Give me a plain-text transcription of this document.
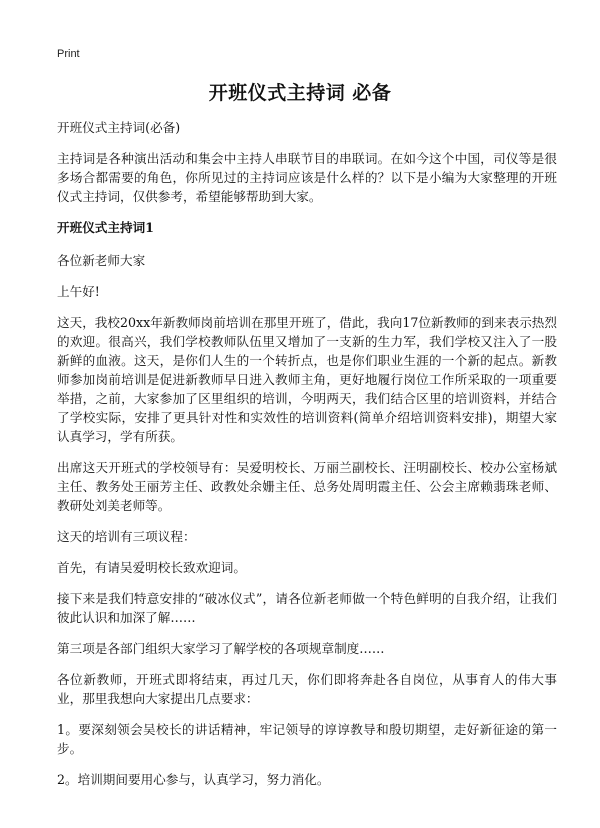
Print
开班仪式主持词 必备

开班仪式主持词(必备)

主持词是各种演出活动和集会中主持人串联节目的串联词。在如今这个中国，司仪等是很多场合都需要的角色，你所见过的主持词应该是什么样的？以下是小编为大家整理的开班仪式主持词，仅供参考，希望能够帮助到大家。

开班仪式主持词1

各位新老师大家

上午好!

这天，我校20xx年新教师岗前培训在那里开班了，借此，我向17位新教师的到来表示热烈的欢迎。很高兴，我们学校教师队伍里又增加了一支新的生力军，我们学校又注入了一股新鲜的血液。这天，是你们人生的一个转折点，也是你们职业生涯的一个新的起点。新教师参加岗前培训是促进新教师早日进入教师主角，更好地履行岗位工作所采取的一项重要举措，之前，大家参加了区里组织的培训，今明两天，我们结合区里的培训资料，并结合了学校实际，安排了更具针对性和实效性的培训资料(简单介绍培训资料安排)，期望大家认真学习，学有所获。

出席这天开班式的学校领导有：吴爱明校长、万丽兰副校长、汪明副校长、校办公室杨斌主任、教务处王丽芳主任、政教处余姗主任、总务处周明霞主任、公会主席赖翡珠老师、教研处刘美老师等。

这天的培训有三项议程：

首先，有请吴爱明校长致欢迎词。

接下来是我们特意安排的“破冰仪式”，请各位新老师做一个特色鲜明的自我介绍，让我们彼此认识和加深了解……

第三项是各部门组织大家学习了解学校的各项规章制度……

各位新教师，开班式即将结束，再过几天，你们即将奔赴各自岗位，从事育人的伟大事业，那里我想向大家提出几点要求：

1。要深刻领会吴校长的讲话精神，牢记领导的谆谆教导和殷切期望，走好新征途的第一步。

2。培训期间要用心参与，认真学习，努力消化。
